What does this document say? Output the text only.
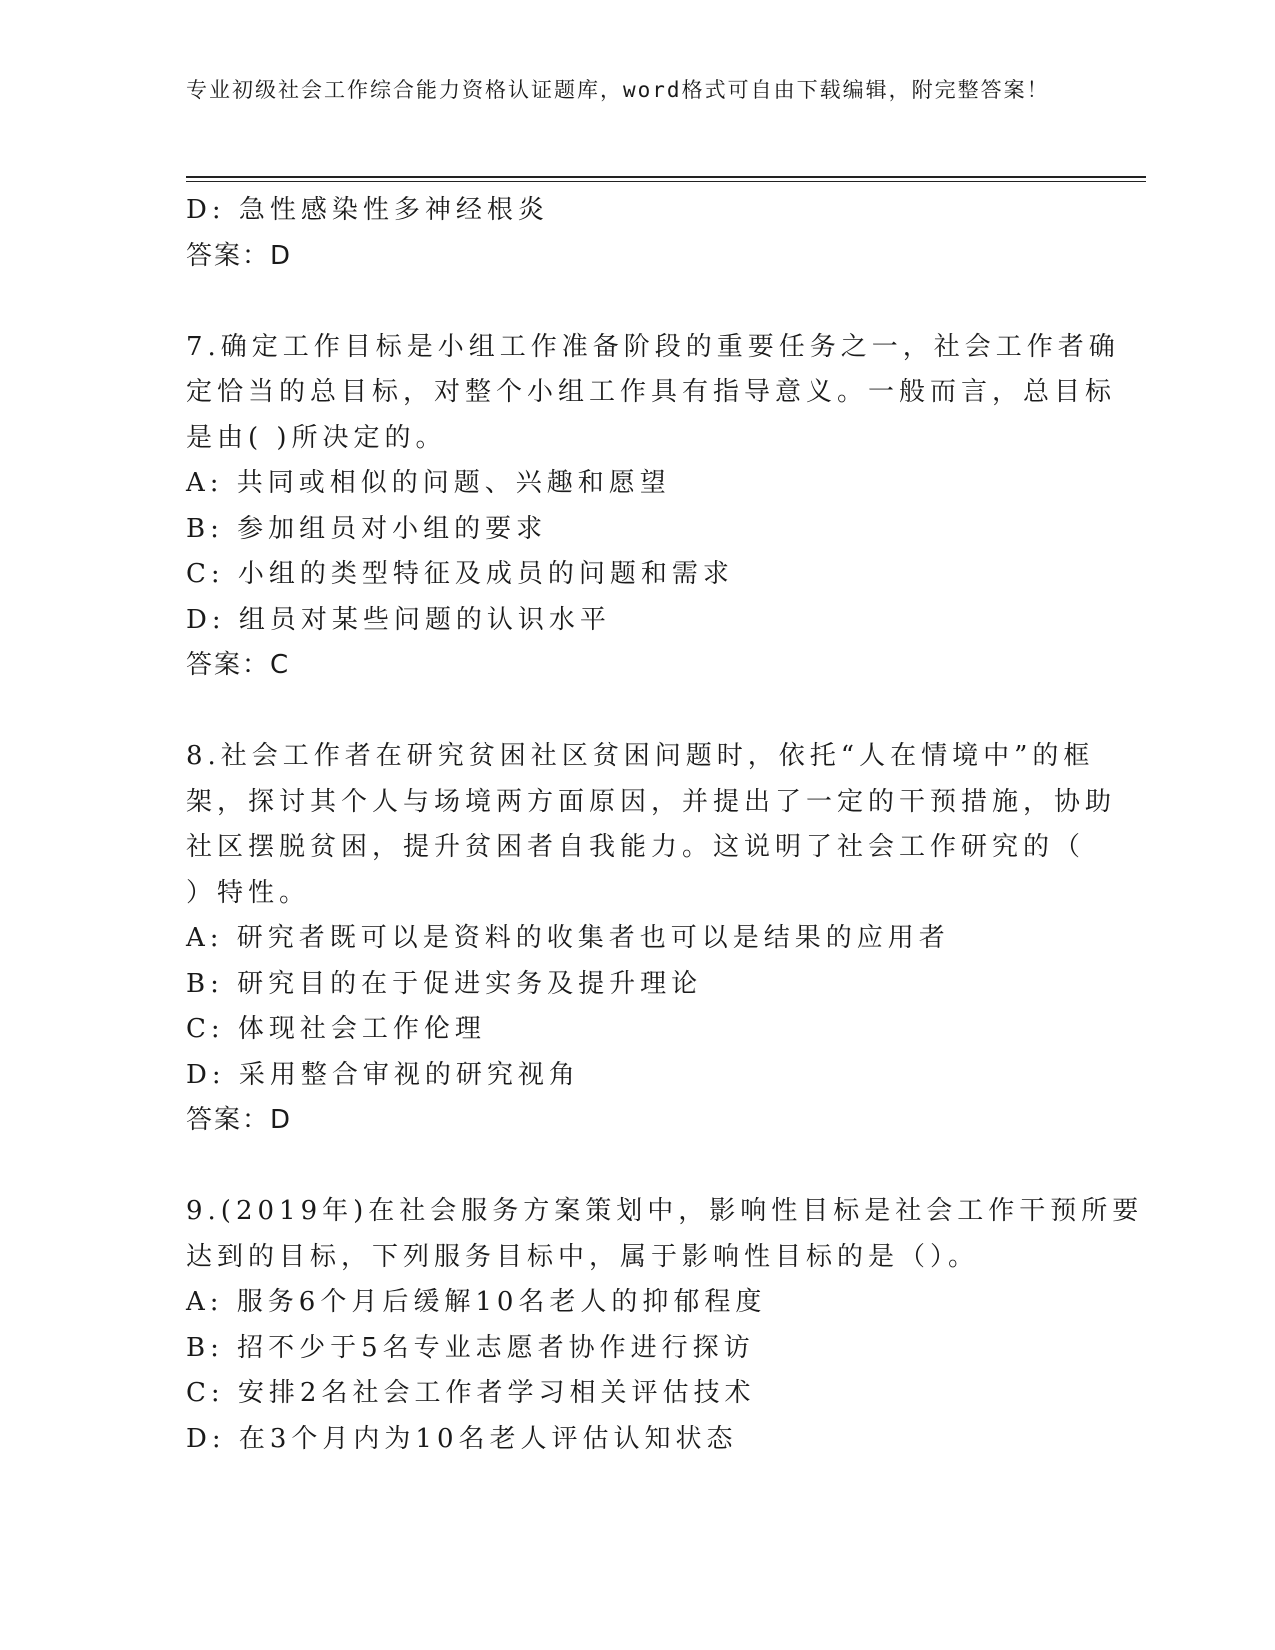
专业初级社会工作综合能力资格认证题库，word格式可自由下载编辑，附完整答案！
D: 急性感染性多神经根炎
答案：D
7.确定工作目标是小组工作准备阶段的重要任务之一，社会工作者确
定恰当的总目标，对整个小组工作具有指导意义。一般而言，总目标
是由( )所决定的。
A: 共同或相似的问题、兴趣和愿望
B: 参加组员对小组的要求
C: 小组的类型特征及成员的问题和需求
D: 组员对某些问题的认识水平
答案：C
8.社会工作者在研究贫困社区贫困问题时，依托“人在情境中”的框
架，探讨其个人与场境两方面原因，并提出了一定的干预措施，协助
社区摆脱贫困，提升贫困者自我能力。这说明了社会工作研究的（
）特性。
A: 研究者既可以是资料的收集者也可以是结果的应用者
B: 研究目的在于促进实务及提升理论
C: 体现社会工作伦理
D: 采用整合审视的研究视角
答案：D
9.(2019年)在社会服务方案策划中，影响性目标是社会工作干预所要
达到的目标，下列服务目标中，属于影响性目标的是（）。
A: 服务6个月后缓解10名老人的抑郁程度
B: 招不少于5名专业志愿者协作进行探访
C: 安排2名社会工作者学习相关评估技术
D: 在3个月内为10名老人评估认知状态
